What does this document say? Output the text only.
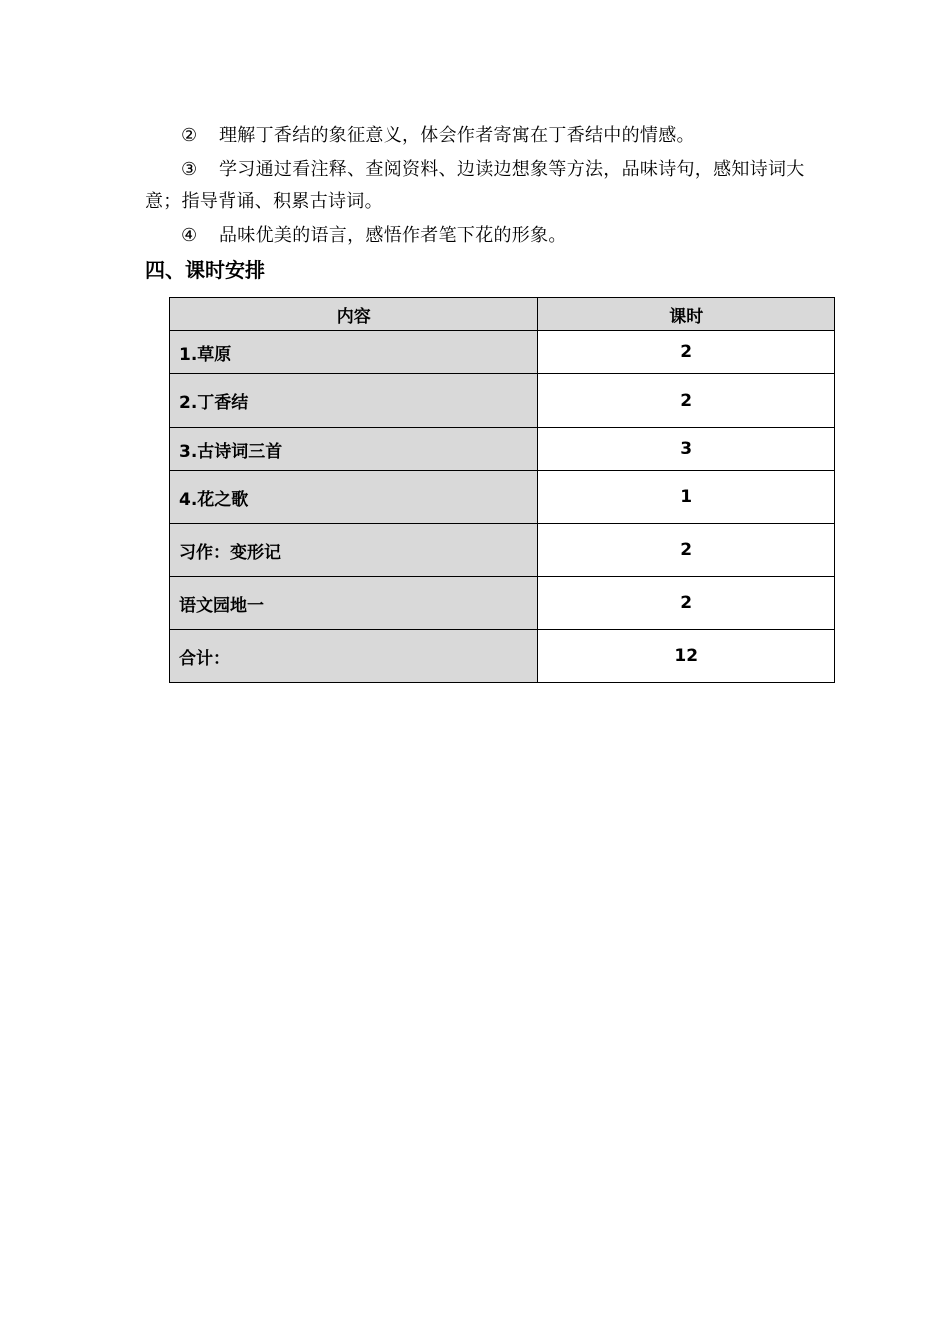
② 理解丁香结的象征意义，体会作者寄寓在丁香结中的情感。

③ 学习通过看注释、查阅资料、边读边想象等方法，品味诗句，感知诗词大意；指导背诵、积累古诗词。

④ 品味优美的语言，感悟作者笔下花的形象。

四、课时安排
内容	课时
1.草原	2
2.丁香结	2
3.古诗词三首	3
4.花之歌	1
习作：变形记	2
语文园地一	2
合计：	12
